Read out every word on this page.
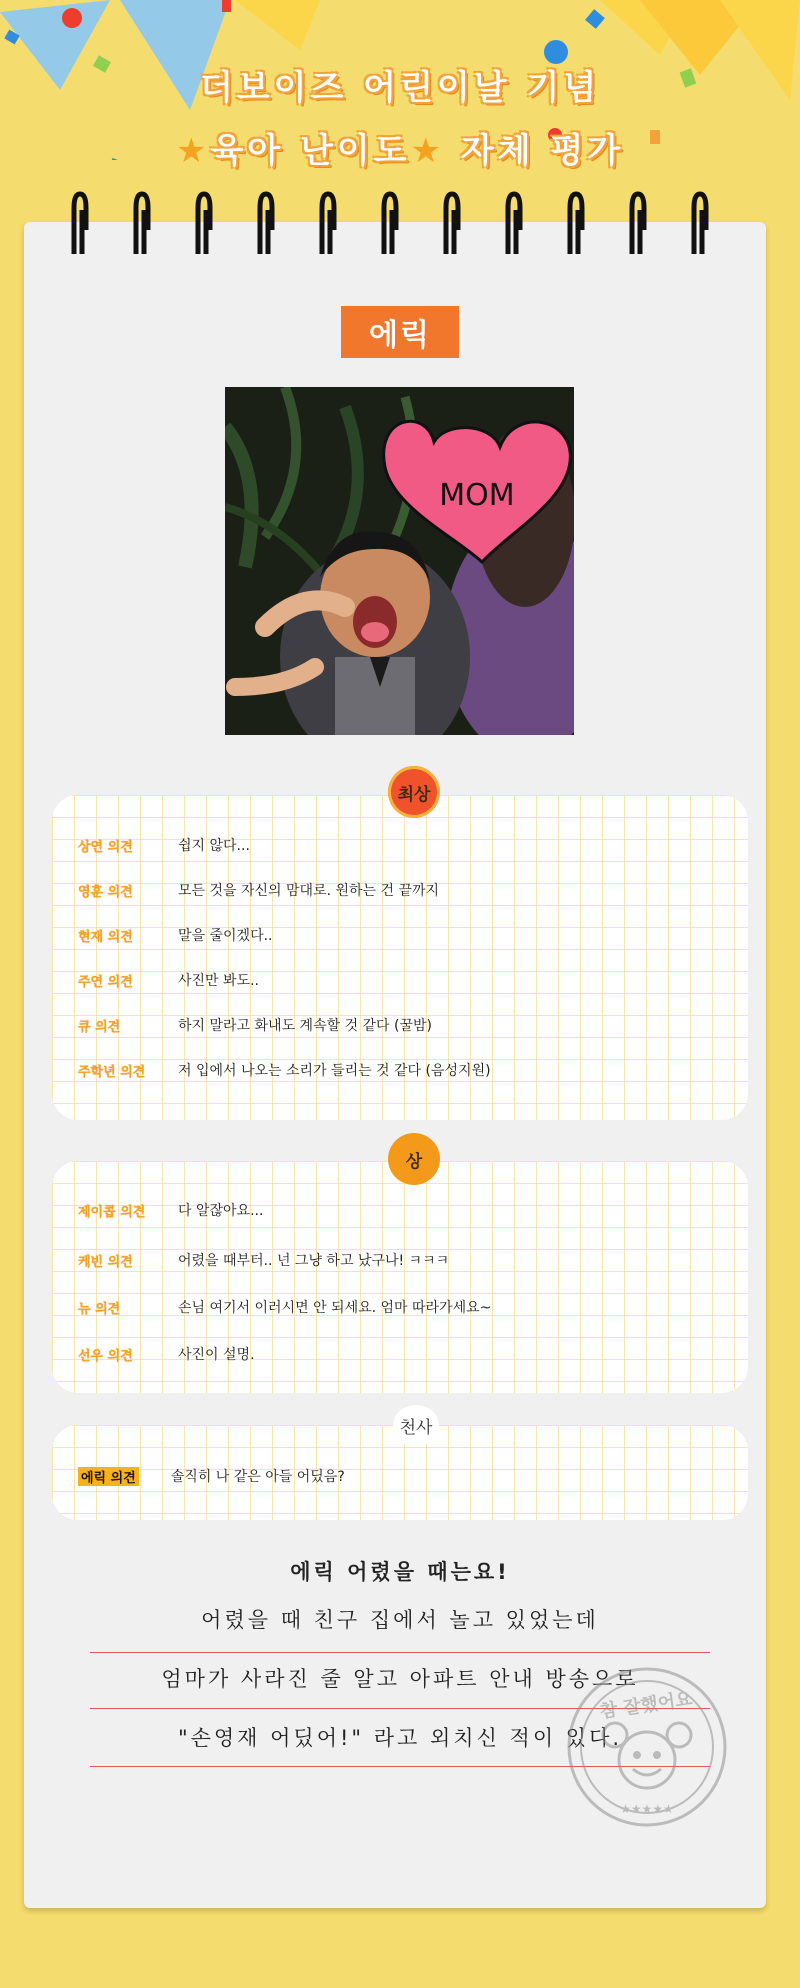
더보이즈 어린이날 기념
★육아 난이도★ 자체 평가
에릭
MOM
최상
상연 의견	쉽지 않다...
영훈 의견	모든 것을 자신의 맘대로. 원하는 건 끝까지
현재 의견	말을 줄이겠다..
주연 의견	사진만 봐도..
큐 의견	하지 말라고 화내도 계속할 것 같다 (꿀밤)
주학년 의견	저 입에서 나오는 소리가 들리는 것 같다 (음성지원)
상
제이콥 의견	다 알잖아요...
케빈 의견	어렸을 때부터.. 넌 그냥 하고 났구나! ㅋㅋㅋ
뉴 의견	손님 여기서 이러시면 안 되세요. 엄마 따라가세요~
선우 의견	사진이 설명.
천사
에릭 의견	솔직히 나 같은 아들 어딨음?
에릭 어렸을 때는요!
어렸을 때 친구 집에서 놀고 있었는데
엄마가 사라진 줄 알고 아파트 안내 방송으로
"손영재 어딨어!" 라고 외치신 적이 있다.
참 잘했어요
★★★★★
